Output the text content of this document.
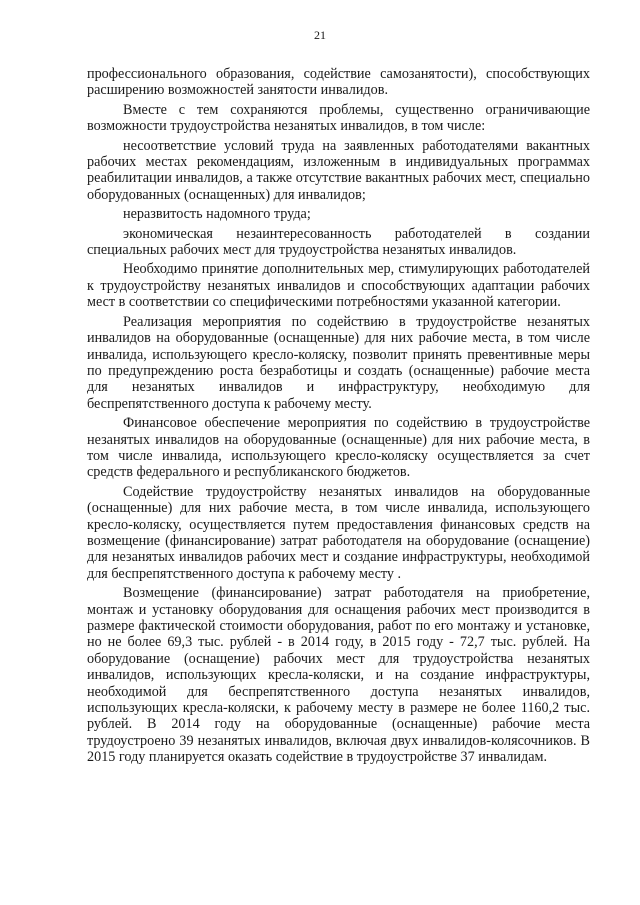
21

профессионального образования, содействие самозанятости), способствующих расширению возможностей занятости инвалидов.

Вместе с тем сохраняются проблемы, существенно ограничивающие возможности трудоустройства незанятых инвалидов, в том числе:

несоответствие условий труда на заявленных работодателями вакантных рабочих местах рекомендациям, изложенным в индивидуальных программах реабилитации инвалидов, а также отсутствие вакантных рабочих мест, специально оборудованных (оснащенных) для инвалидов;

неразвитость надомного труда;

экономическая незаинтересованность работодателей в создании специальных рабочих мест для трудоустройства незанятых инвалидов.

Необходимо принятие дополнительных мер, стимулирующих работодателей к трудоустройству незанятых инвалидов и способствующих адаптации рабочих мест в соответствии со специфическими потребностями указанной категории.

Реализация мероприятия по содействию в трудоустройстве незанятых инвалидов на оборудованные (оснащенные) для них рабочие места, в том числе инвалида, использующего кресло-коляску, позволит принять превентивные меры по предупреждению роста безработицы и создать (оснащенные) рабочие места для незанятых инвалидов и инфраструктуру, необходимую для беспрепятственного доступа к рабочему месту.

Финансовое обеспечение мероприятия по содействию в трудоустройстве незанятых инвалидов на оборудованные (оснащенные) для них рабочие места, в том числе инвалида, использующего кресло-коляску осуществляется за счет средств федерального и республиканского бюджетов.

Содействие трудоустройству незанятых инвалидов на оборудованные (оснащенные) для них рабочие места, в том числе инвалида, использующего кресло-коляску, осуществляется путем предоставления финансовых средств на возмещение (финансирование) затрат работодателя на оборудование (оснащение) для незанятых инвалидов рабочих мест и создание инфраструктуры, необходимой для беспрепятственного доступа к рабочему месту .

Возмещение (финансирование) затрат работодателя на приобретение, монтаж и установку оборудования для оснащения рабочих мест производится в размере фактической стоимости оборудования, работ по его монтажу и установке, но не более 69,3 тыс. рублей - в 2014 году, в 2015 году - 72,7 тыс. рублей. На оборудование (оснащение) рабочих мест для трудоустройства незанятых инвалидов, использующих кресла-коляски, и на создание инфраструктуры, необходимой для беспрепятственного доступа незанятых инвалидов, использующих кресла-коляски, к рабочему месту в размере не более 1160,2 тыс. рублей. В 2014 году на оборудованные (оснащенные) рабочие места трудоустроено 39 незанятых инвалидов, включая двух инвалидов-колясочников. В 2015 году планируется оказать содействие в трудоустройстве 37 инвалидам.
